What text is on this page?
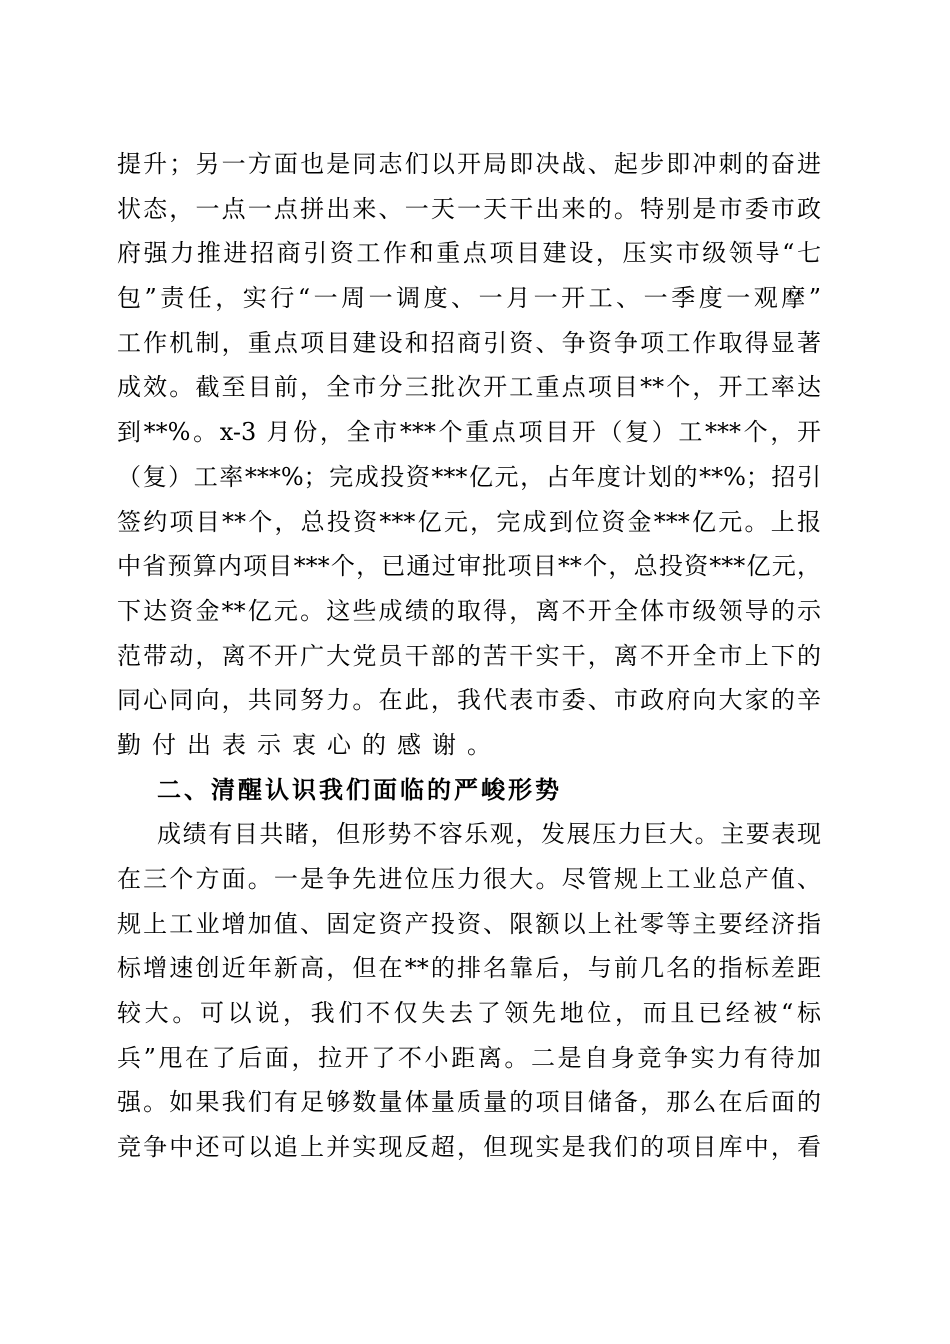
提升；另一方面也是同志们以开局即决战、起步即冲刺的奋进
状态，一点一点拼出来、一天一天干出来的。特别是市委市政
府强力推进招商引资工作和重点项目建设，压实市级领导“七
包”责任，实行“一周一调度、一月一开工、一季度一观摩”
工作机制，重点项目建设和招商引资、争资争项工作取得显著
成效。截至目前，全市分三批次开工重点项目**个，开工率达
到**%。x-3 月份，全市***个重点项目开（复）工***个，开
（复）工率***%；完成投资***亿元，占年度计划的**%；招引
签约项目**个，总投资***亿元，完成到位资金***亿元。上报
中省预算内项目***个，已通过审批项目**个，总投资***亿元，
下达资金**亿元。这些成绩的取得，离不开全体市级领导的示
范带动，离不开广大党员干部的苦干实干，离不开全市上下的
同心同向，共同努力。在此，我代表市委、市政府向大家的辛
勤付出表示衷心的感谢。
二、清醒认识我们面临的严峻形势
成绩有目共睹，但形势不容乐观，发展压力巨大。主要表现
在三个方面。一是争先进位压力很大。尽管规上工业总产值、
规上工业增加值、固定资产投资、限额以上社零等主要经济指
标增速创近年新高，但在**的排名靠后，与前几名的指标差距
较大。可以说，我们不仅失去了领先地位，而且已经被“标
兵”甩在了后面，拉开了不小距离。二是自身竞争实力有待加
强。如果我们有足够数量体量质量的项目储备，那么在后面的
竞争中还可以追上并实现反超，但现实是我们的项目库中，看
